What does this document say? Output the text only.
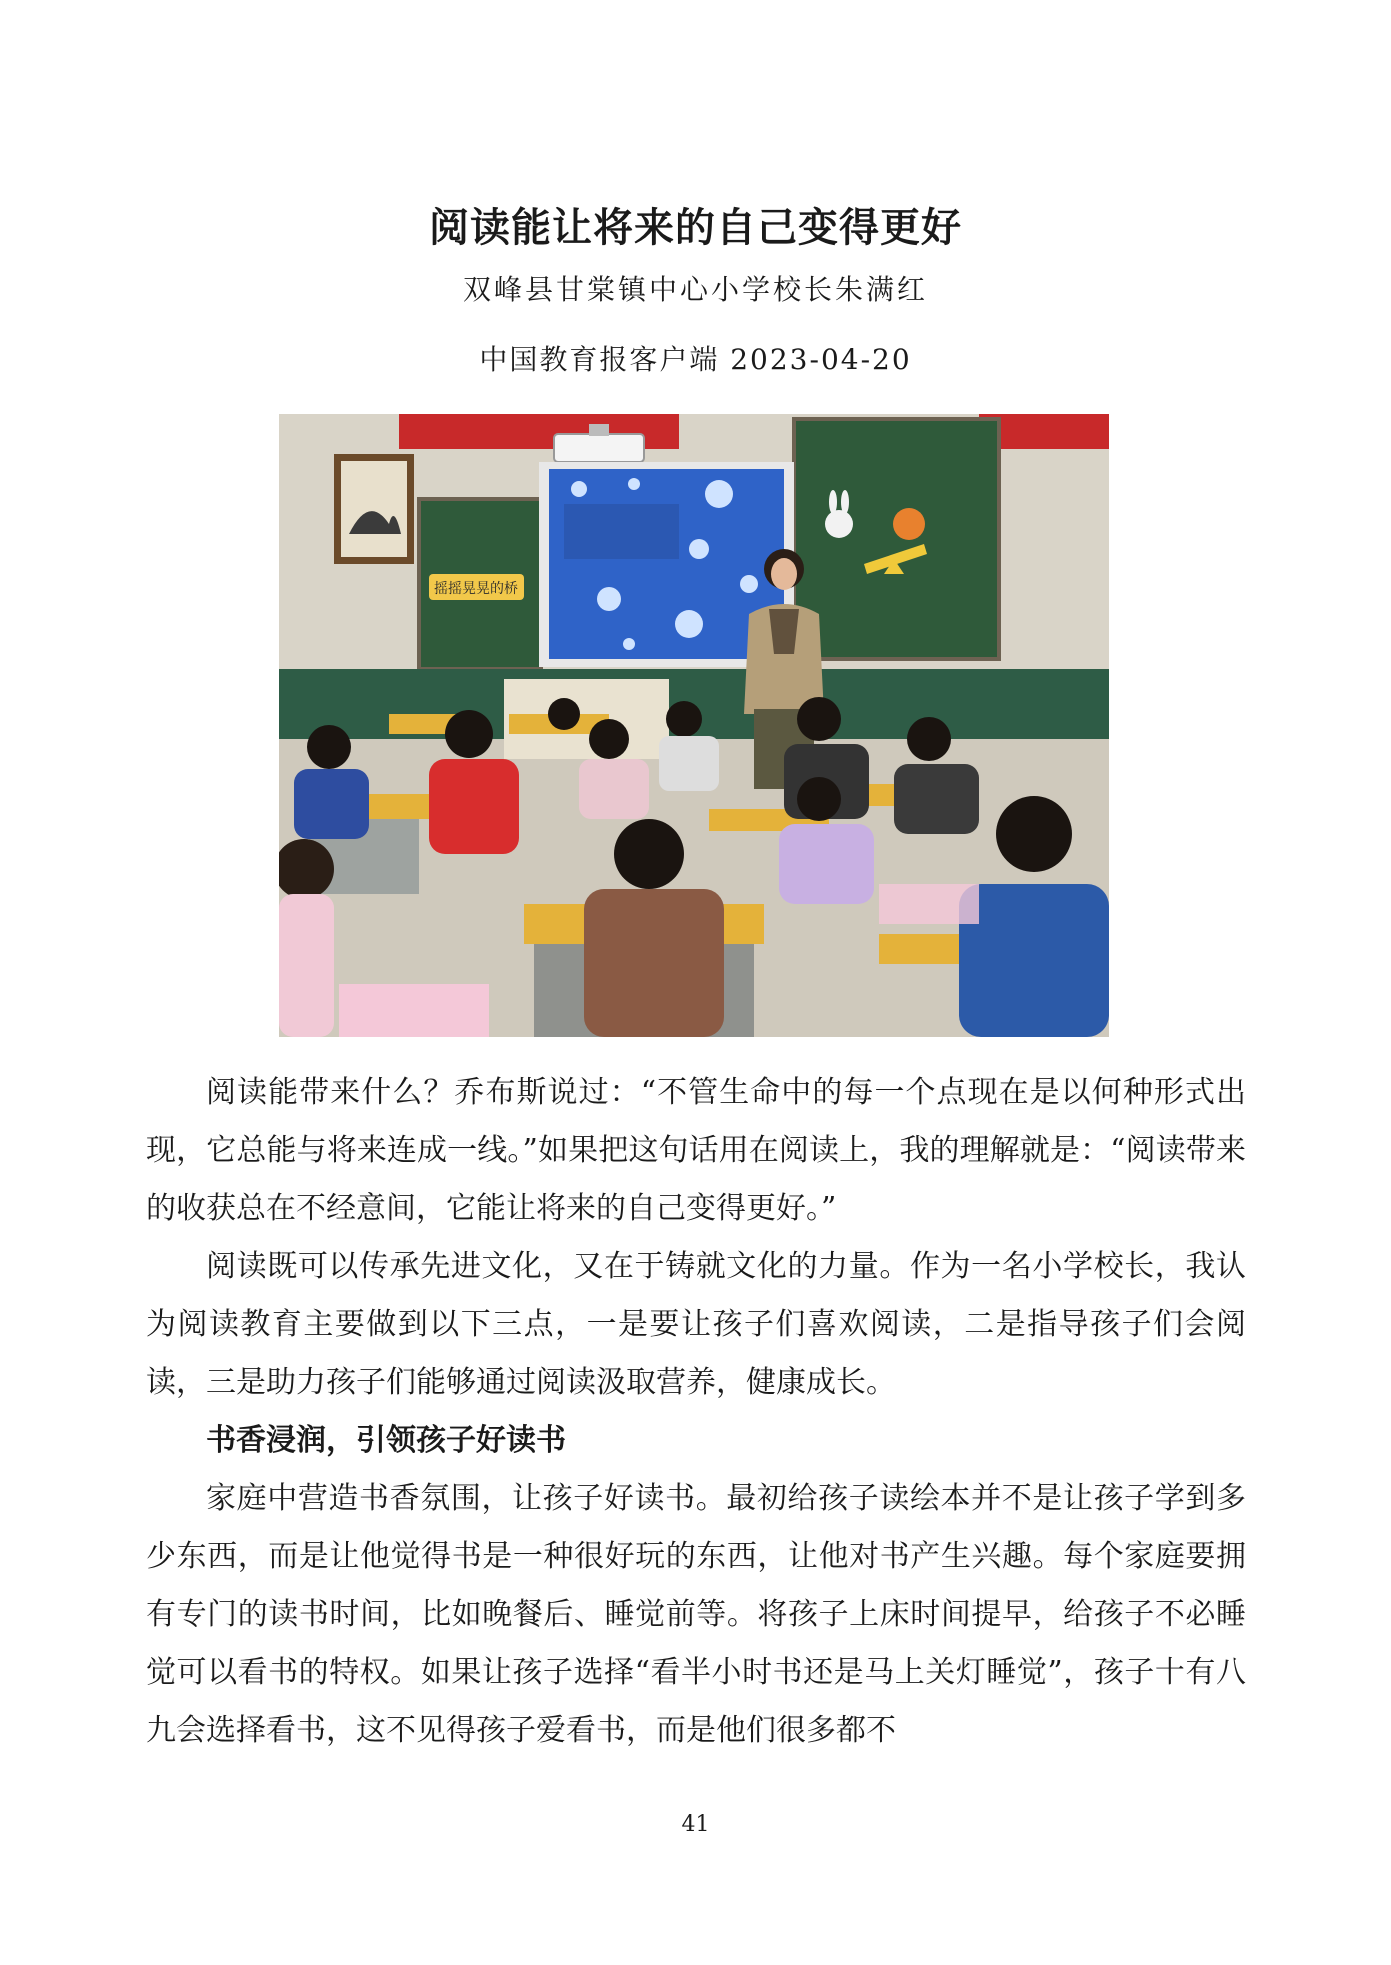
阅读能让将来的自己变得更好
双峰县甘棠镇中心小学校长朱满红
中国教育报客户端 2023-04-20
摇摇晃晃的桥

阅读能带来什么？乔布斯说过：“不管生命中的每一个点现在是以何种形式出现，它总能与将来连成一线。”如果把这句话用在阅读上，我的理解就是：“阅读带来的收获总在不经意间，它能让将来的自己变得更好。”

阅读既可以传承先进文化，又在于铸就文化的力量。作为一名小学校长，我认为阅读教育主要做到以下三点，一是要让孩子们喜欢阅读，二是指导孩子们会阅读，三是助力孩子们能够通过阅读汲取营养，健康成长。

书香浸润，引领孩子好读书

家庭中营造书香氛围，让孩子好读书。最初给孩子读绘本并不是让孩子学到多少东西，而是让他觉得书是一种很好玩的东西，让他对书产生兴趣。每个家庭要拥有专门的读书时间，比如晚餐后、睡觉前等。将孩子上床时间提早，给孩子不必睡觉可以看书的特权。如果让孩子选择“看半小时书还是马上关灯睡觉”，孩子十有八九会选择看书，这不见得孩子爱看书，而是他们很多都不

41
